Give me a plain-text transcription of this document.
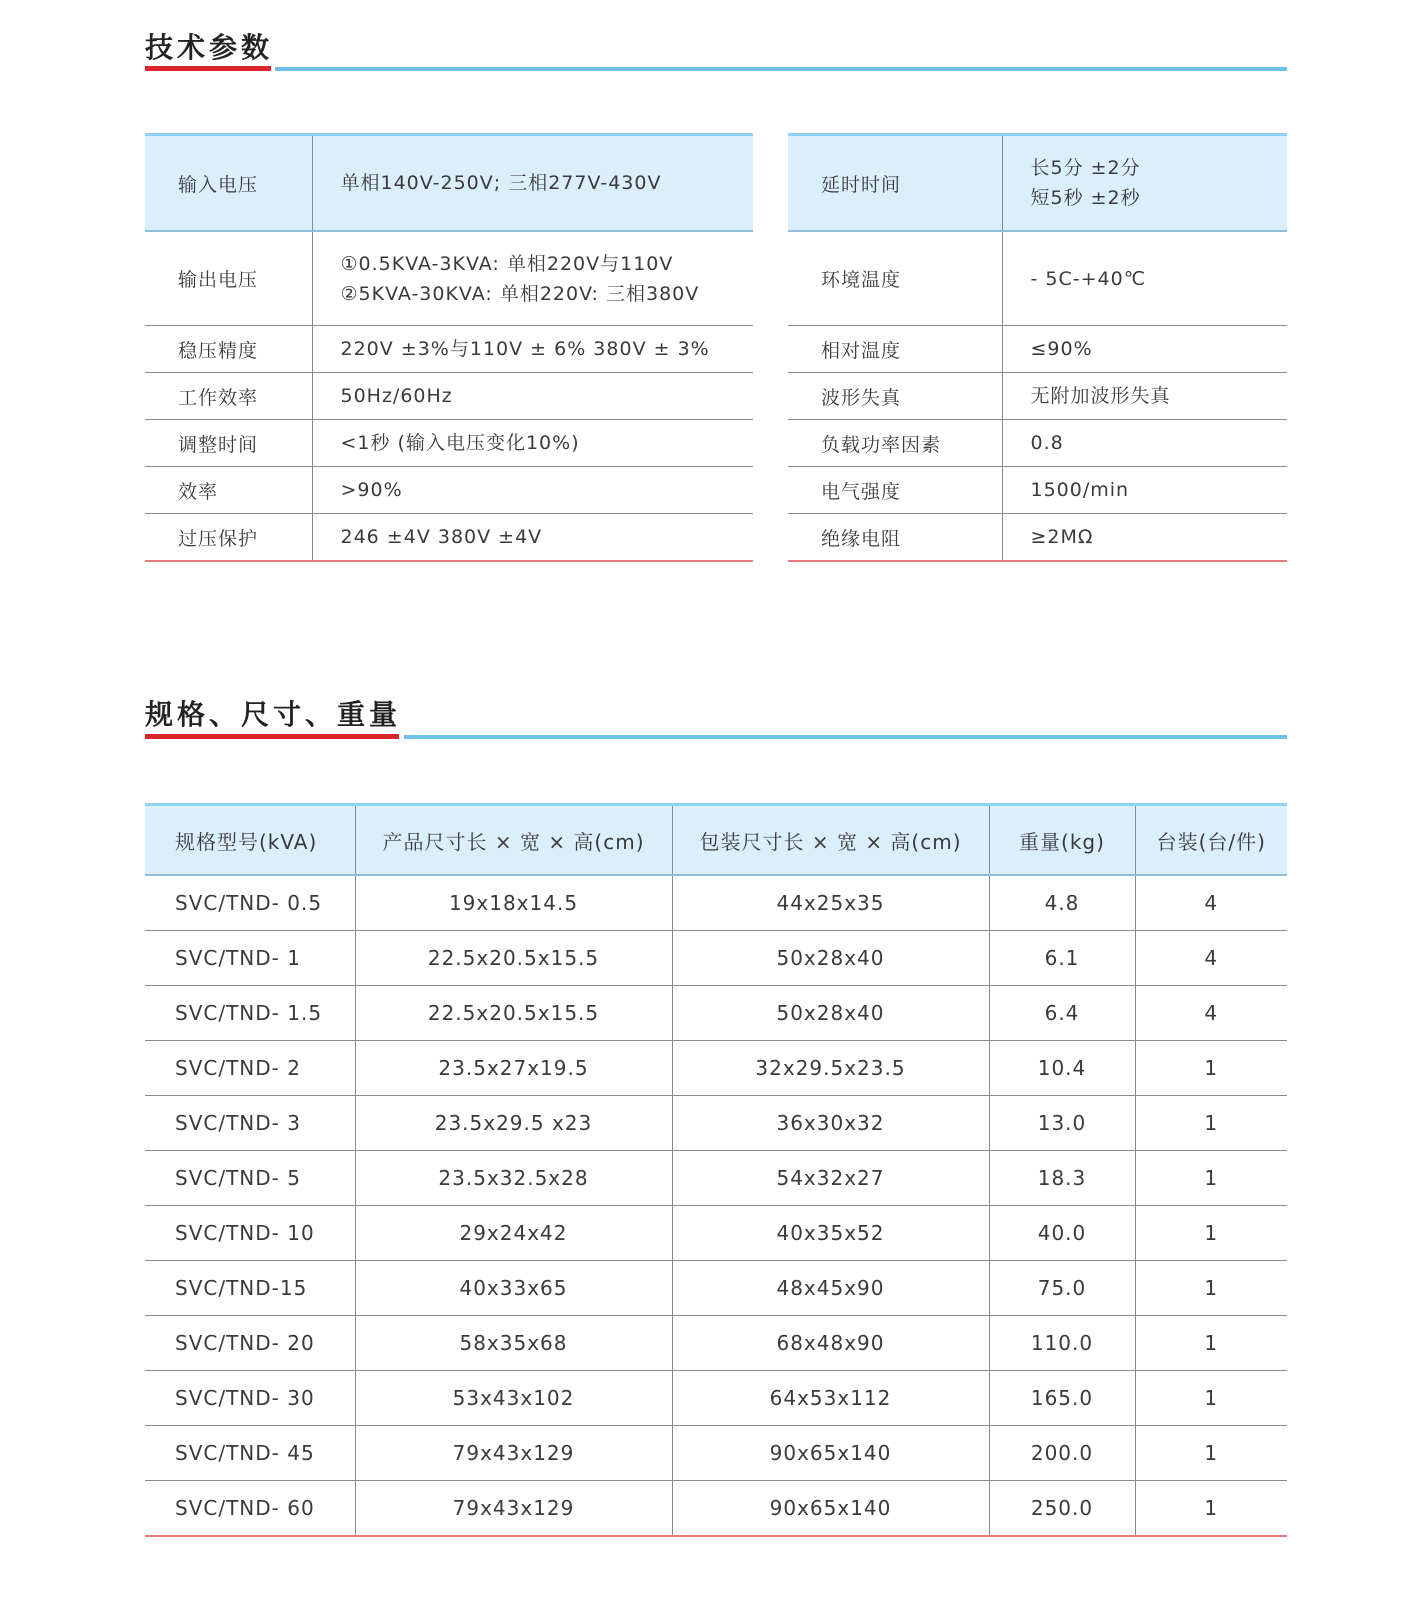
技术参数
输入电压	单相140V-250V; 三相277V-430V

输出电压	①0.5KVA-3KVA: 单相220V与110V
②5KVA-30KVA: 单相220V: 三相380V

稳压精度	220V ±3%与110V ± 6% 380V ± 3%

工作效率	50Hz/60Hz

调整时间	<1秒 (输入电压变化10%)

效率	>90%

过压保护	246 ±4V 380V ±4V
延时时间	长5分 ±2分
短5秒 ±2秒

环境温度	- 5C-+40℃

相对温度	≤90%

波形失真	无附加波形失真

负载功率因素	0.8

电气强度	1500/min

绝缘电阻	≥2MΩ
规格、尺寸、重量
规格型号(kVA)	产品尺寸长 × 宽 × 高(cm)	包装尺寸长 × 宽 × 高(cm)	重量(kg)	台装(台/件)
SVC/TND- 0.5	19x18x14.5	44x25x35	4.8	4
SVC/TND- 1	22.5x20.5x15.5	50x28x40	6.1	4
SVC/TND- 1.5	22.5x20.5x15.5	50x28x40	6.4	4
SVC/TND- 2	23.5x27x19.5	32x29.5x23.5	10.4	1
SVC/TND- 3	23.5x29.5 x23	36x30x32	13.0	1
SVC/TND- 5	23.5x32.5x28	54x32x27	18.3	1
SVC/TND- 10	29x24x42	40x35x52	40.0	1
SVC/TND-15	40x33x65	48x45x90	75.0	1
SVC/TND- 20	58x35x68	68x48x90	110.0	1
SVC/TND- 30	53x43x102	64x53x112	165.0	1
SVC/TND- 45	79x43x129	90x65x140	200.0	1
SVC/TND- 60	79x43x129	90x65x140	250.0	1
